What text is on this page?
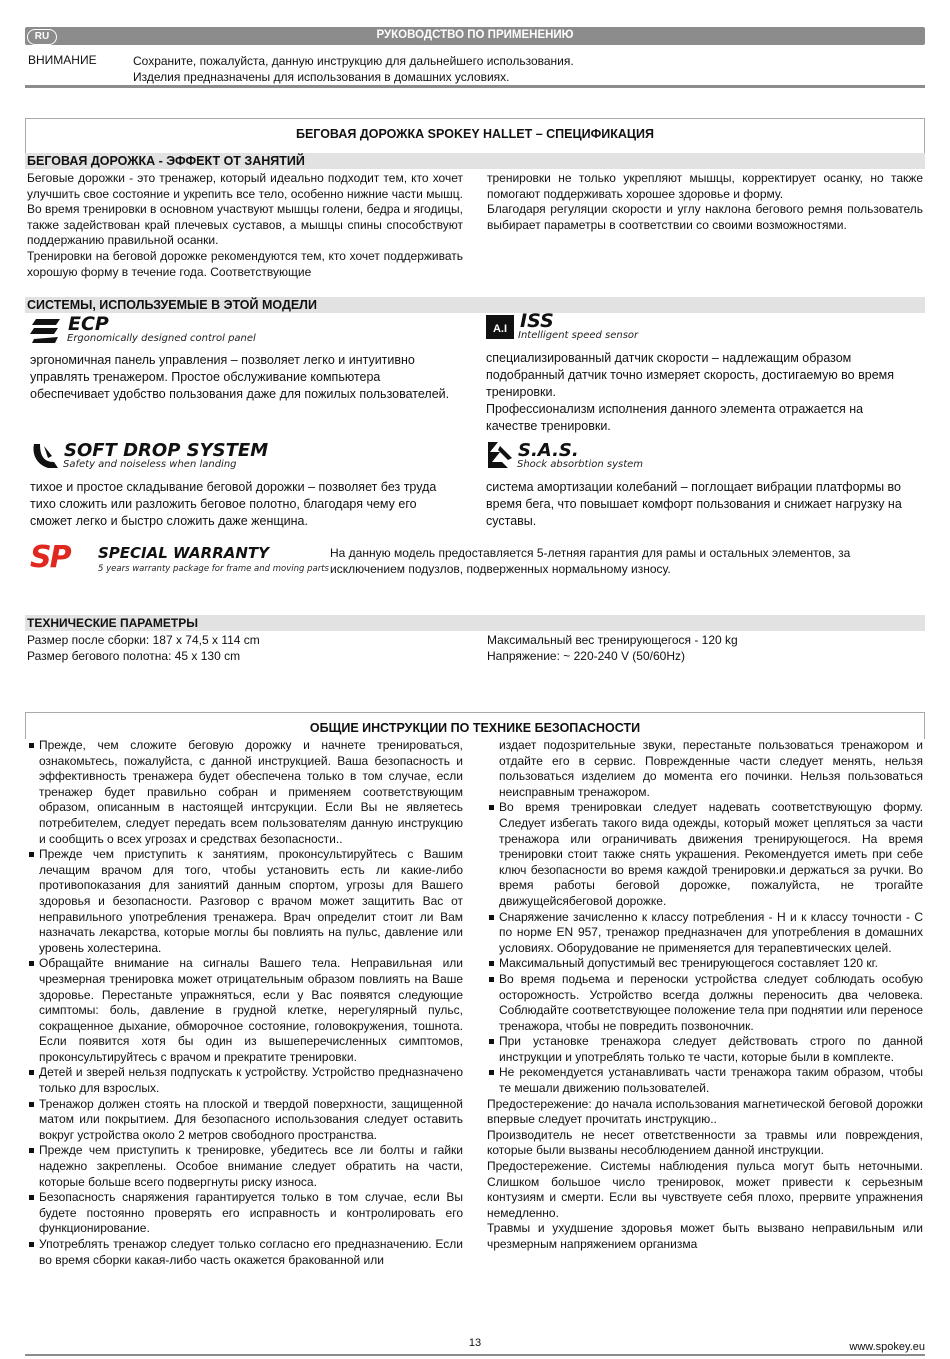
RU	РУКОВОДСТВО ПО ПРИМЕНЕНИЮ
ВНИМАНИЕ	Сохраните, пожалуйста, данную инструкцию для дальнейшего использования.
Изделия предназначены для использования в домашних условиях.
БЕГОВАЯ ДОРОЖКА SPOKEY HALLET – СПЕЦИФИКАЦИЯ
БЕГОВАЯ ДОРОЖКА - ЭФФЕКТ ОТ ЗАНЯТИЙ
Беговые дорожки - это тренажер, который идеально подходит тем, кто хочет улучшить свое состояние и укрепить все тело, особенно нижние части мышц. Во время тренировки в основном участвуют мышцы голени, бедра и ягодицы, также задействован край плечевых суставов, а мышцы спины способствуют поддержанию правильной осанки.
Тренировки на беговой дорожке рекомендуются тем, кто хочет поддерживать хорошую форму в течение года. Соответствующие
тренировки не только укрепляют мышцы, корректирует осанку, но также помогают поддерживать хорошее здоровье и форму.
Благодаря регуляции скорости и углу наклона бегового ремня пользователь выбирает параметры в соответствии со своими возможностями.
СИСТЕМЫ, ИСПОЛЬЗУЕМЫЕ В ЭТОЙ МОДЕЛИ
ECP
Ergonomically designed control panel
эргономичная панель управления – позволяет легко и интуитивно управлять тренажером. Простое обслуживание компьютера обеспечивает удобство пользования даже для пожилых пользователей.
A.I ISS
Intelligent speed sensor
специализированный датчик скорости – надлежащим образом подобранный датчик точно измеряет скорость, достигаемую во время тренировки.
Профессионализм исполнения данного элемента отражается на качестве тренировки.
SOFT DROP SYSTEM
Safety and noiseless when landing
тихое и простое складывание беговой дорожки – позволяет без труда тихо сложить или разложить беговое полотно, благодаря чему его сможет легко и быстро сложить даже женщина.
S.A.S.
Shock absorbtion system
система амортизации колебаний – поглощает вибрации платформы во время бега, что повышает комфорт пользования и снижает нагрузку на суставы.
SP SPECIAL WARRANTY
5 years warranty package for frame and moving parts
На данную модель предоставляется 5-летняя гарантия для рамы и остальных элементов, за исключением подузлов, подверженных нормальному износу.
ТЕХНИЧЕСКИЕ ПАРАМЕТРЫ
Размер после сборки: 187 x 74,5 x 114 cm
Размер бегового полотна: 45 x 130 cm
Максимальный вес тренирующегося - 120 kg
Напряжение: ~ 220-240 V (50/60Hz)
ОБЩИЕ ИНСТРУКЦИИ ПО ТЕХНИКЕ БЕЗОПАСНОСТИ
Прежде, чем сложите беговую дорожку и начнете тренироваться, ознакомьтесь, пожалуйста, с данной инструкцией. Ваша безопасность и эффективность тренажера будет обеспечена только в том случае, если тренажер будет правильно собран и применяем соответствующим образом, описанным в настоящей интсрукции. Если Вы не являетесь потребителем, следует передать всем пользователям данную инструкцию и сообщить о всех угрозах и средствах безопасности..
Прежде чем приступить к занятиям, проконсультируйтесь с Вашим лечащим врачом для того, чтобы установить есть ли какие-либо противопоказания для заниятий данным спортом, угрозы для Вашего здоровья и безопасности. Разговор с врачом может защитить Вас от неправильного употребления тренажера. Врач определит стоит ли Вам назначать лекарства, которые моглы бы повлиять на пульс, давление или уровень холестерина.
Обращайте внимание на сигналы Вашего тела. Неправильная или чрезмерная тренировка может отрицательным образом повлиять на Ваше здоровье. Перестаньте упражняться, если у Вас появятся следующие симптомы: боль, давление в грудной клетке, нерегулярный пульс, сокращенное дыхание, обморочное состояние, головокружения, тошнота. Если появится хотя бы один из вышеперечисленных симптомов, проконсультируйтесь с врачом и прекратите тренировки.
Детей и зверей нельзя подпускать к устройству. Устройство предназначено только для взрослых.
Тренажор должен стоять на плоской и твердой поверхности, защищенной матом или покрытием. Для безопасного использования следует оставить вокруг устройства около 2 метров свободного пространства.
Прежде чем приступить к тренировке, убедитесь все ли болты и гайки надежно закреплены. Особое внимание следует обратить на части, которые больше всего подвергнуты риску износа.
Безопасность снаряжения гарантируется только в том случае, если Вы будете постоянно проверять его исправность и контролировать его функционирование.
Употреблять тренажор следует только согласно его предназначению. Если во время сборки какая-либо часть окажется бракованной или
издает подозрительные звуки, перестаньте пользоваться тренажором и отдайте его в сервис. Поврежденные части следует менять, нельзя пользоваться изделием до момента его починки. Нельзя пользоваться неисправным тренажором.
Во время тренировкаи следует надевать соответствующую форму. Следует избегать такого вида одежды, который может цепляться за части тренажора или ограничивать движения тренирующегося. На время тренировки стоит также снять украшения. Рекомендуется иметь при себе ключ безопасности во время каждой тренировки.и держаться за ручки. Во время работы беговой дорожке, пожалуйста, не трогайте движущейсябеговой дорожке.
Снаряжение зачисленно к классу потребления - H и к классу точности - C по норме EN 957, тренажор предназначен для употребления в домашних условиях. Оборудование не применяется для терапевтических целей.
Максимальный допустимый вес тренирующегося составляет 120 кг.
Во время подьема и переноски устройства следует соблюдать особую осторожность. Устройство всегда должны переносить два человека. Соблюдайте соответствующее положение тела при поднятии или переносе тренажора, чтобы не повредить позвоночник.
При установке тренажора следует действовать строго по данной инструкции и употреблять только те части, которые были в комплекте.
Не рекомендуется устанавливать части тренажора таким образом, чтобы те мешали движению пользователей.
Предостережение: до начала использования магнетической беговой дорожки впервые следует прочитать инструкцию..
Производитель не несет ответственности за травмы или повреждения, которые были вызваны несоблюдением данной инструкции.
Предостережение. Системы наблюдения пульса могут быть неточными. Слишком большое число тренировок, может привести к серьезным контузиям и смерти. Если вы чувствуете себя плохо, прервите упражнения немедленно.
Травмы и ухудшение здоровья может быть вызвано неправильным или чрезмерным напряжением организма
13	www.spokey.eu
